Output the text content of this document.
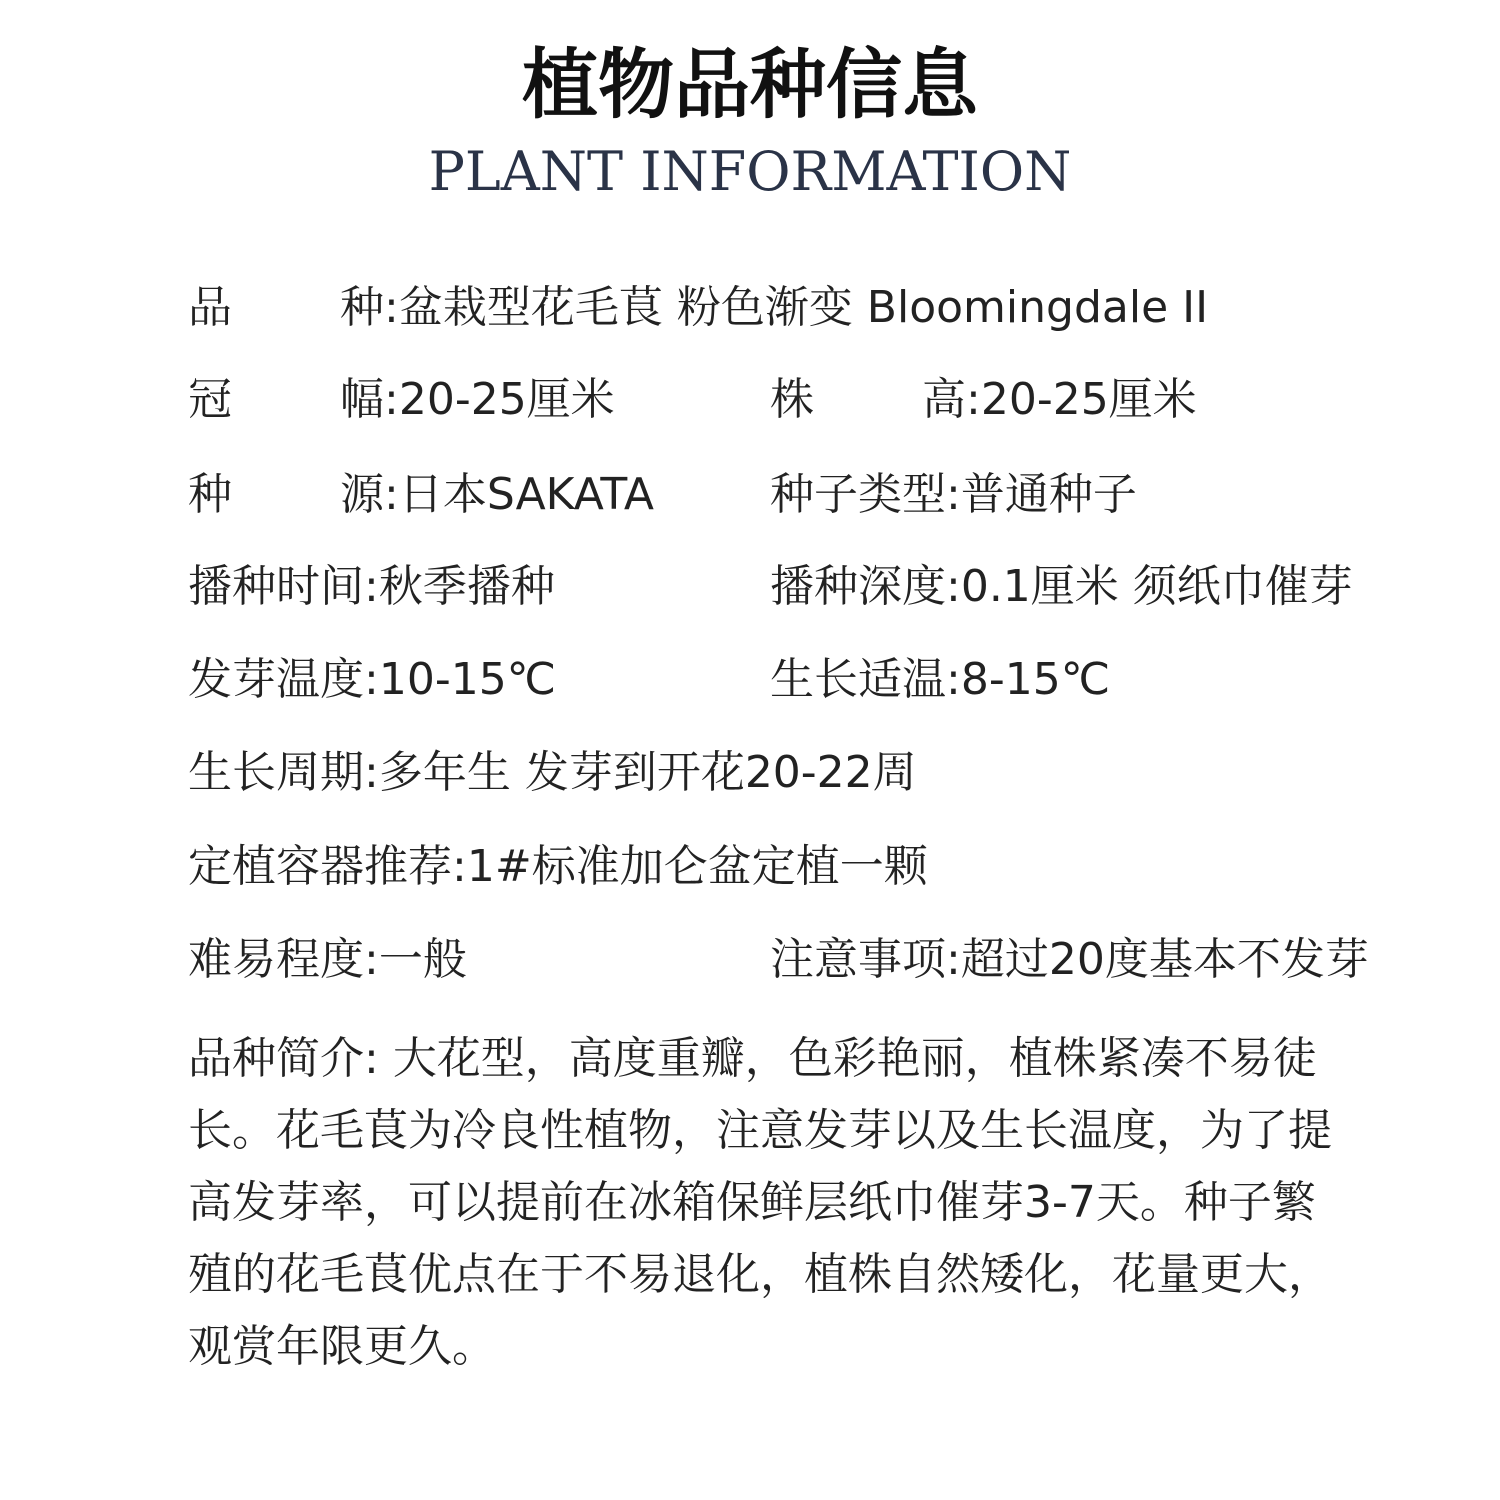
植物品种信息
PLANT INFORMATION
品 种 :盆栽型花毛茛 粉色渐变 Bloomingdale II
冠 幅 :20-25厘米	株 高 :20-25厘米
种 源 :日本SAKATA	种子类型:普通种子
播种时间:秋季播种	播种深度:0.1厘米 须纸巾催芽
发芽温度:10-15℃	生长适温:8-15℃
生长周期:多年生 发芽到开花20-22周
定植容器推荐:1#标准加仑盆定植一颗
难易程度:一般	注意事项:超过20度基本不发芽
品种简介: 大花型，高度重瓣，色彩艳丽，植株紧凑不易徒长。花毛茛为冷良性植物，注意发芽以及生长温度，为了提高发芽率，可以提前在冰箱保鲜层纸巾催芽3-7天。种子繁殖的花毛茛优点在于不易退化，植株自然矮化，花量更大，观赏年限更久。
